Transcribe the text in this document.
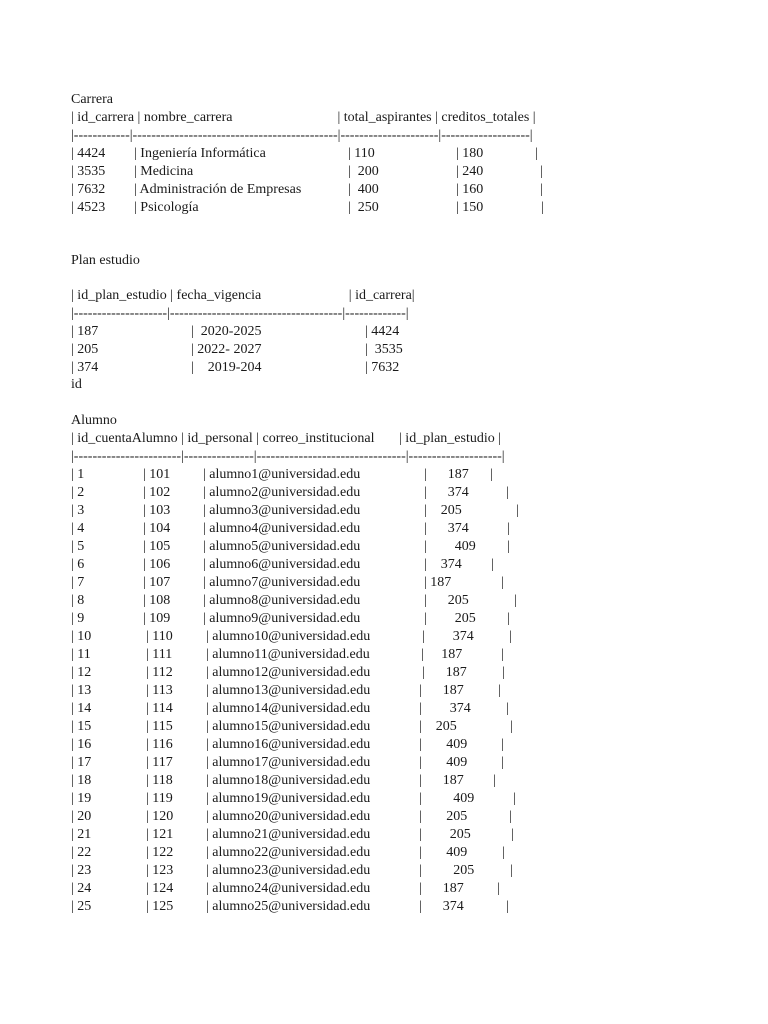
Carrera
| id_carrera | nombre_carrera                              | total_aspirantes | creditos_totales |
|------------|--------------------------------------------|---------------------|-------------------|
| 4424 | Ingeniería Informática	| 110	| 180	|
| 3535 | Medicina	|  200	| 240	|
| 7632 | Administración de Empresas	|  400	| 160	|
| 4523 | Psicología	|  250	| 150	|
Plan estudio
| id_plan_estudio | fecha_vigencia                         | id_carrera|
|--------------------|-------------------------------------|-------------|
| 187	|  2020-2025	| 4424
| 205	| 2022- 2027	|  3535
| 374	|    2019-204	| 7632
id
Alumno
| id_cuentaAlumno | id_personal | correo_institucional       | id_plan_estudio |
|-----------------------|---------------|--------------------------------|--------------------|
| 1	| 101 | alumno1@universidad.edu	|      187 |
| 2	| 102 | alumno2@universidad.edu	|      374	|
| 3	| 103 | alumno3@universidad.edu	|    205	|
| 4	| 104 | alumno4@universidad.edu	|      374	|
| 5	| 105 | alumno5@universidad.edu	|        409 |
| 6	| 106 | alumno6@universidad.edu	|    374 |
| 7	| 107 | alumno7@universidad.edu	| 187	|
| 8	| 108 | alumno8@universidad.edu	|      205	|
| 9	| 109 | alumno9@universidad.edu	|        205 |
| 10	| 110 | alumno10@universidad.edu	|        374	|
| 11	| 111 | alumno11@universidad.edu	|     187	|
| 12	| 112 | alumno12@universidad.edu	|      187	|
| 13	| 113 | alumno13@universidad.edu	|      187 |
| 14	| 114 | alumno14@universidad.edu	|        374	|
| 15	| 115 | alumno15@universidad.edu	|    205	|
| 16	| 116 | alumno16@universidad.edu	|       409 |
| 17	| 117 | alumno17@universidad.edu	|       409 |
| 18	| 118 | alumno18@universidad.edu	|      187 |
| 19	| 119 | alumno19@universidad.edu	|         409	|
| 20	| 120 | alumno20@universidad.edu	|       205	|
| 21	| 121 | alumno21@universidad.edu	|        205	|
| 22	| 122 | alumno22@universidad.edu	|       409 |
| 23	| 123 | alumno23@universidad.edu	|         205	|
| 24	| 124 | alumno24@universidad.edu	|      187 |
| 25	| 125 | alumno25@universidad.edu	|      374	|
